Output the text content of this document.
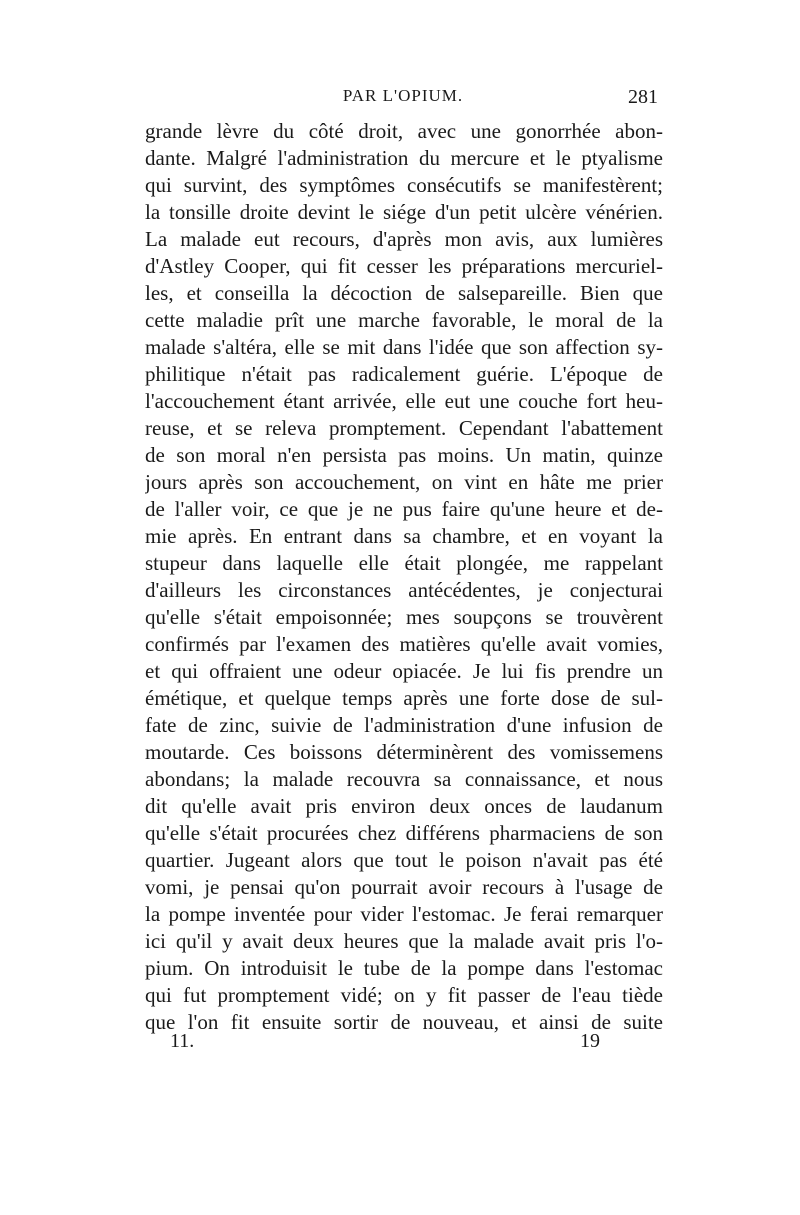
PAR L'OPIUM.	281
grande lèvre du côté droit, avec une gonorrhée abon-
dante. Malgré l'administration du mercure et le ptyalisme
qui survint, des symptômes consécutifs se manifestèrent;
la tonsille droite devint le siége d'un petit ulcère vénérien.
La malade eut recours, d'après mon avis, aux lumières
d'Astley Cooper, qui fit cesser les préparations mercuriel-
les, et conseilla la décoction de salsepareille. Bien que
cette maladie prît une marche favorable, le moral de la
malade s'altéra, elle se mit dans l'idée que son affection sy-
philitique n'était pas radicalement guérie. L'époque de
l'accouchement étant arrivée, elle eut une couche fort heu-
reuse, et se releva promptement. Cependant l'abattement
de son moral n'en persista pas moins. Un matin, quinze
jours après son accouchement, on vint en hâte me prier
de l'aller voir, ce que je ne pus faire qu'une heure et de-
mie après. En entrant dans sa chambre, et en voyant la
stupeur dans laquelle elle était plongée, me rappelant
d'ailleurs les circonstances antécédentes, je conjecturai
qu'elle s'était empoisonnée; mes soupçons se trouvèrent
confirmés par l'examen des matières qu'elle avait vomies,
et qui offraient une odeur opiacée. Je lui fis prendre un
émétique, et quelque temps après une forte dose de sul-
fate de zinc, suivie de l'administration d'une infusion de
moutarde. Ces boissons déterminèrent des vomissemens
abondans; la malade recouvra sa connaissance, et nous
dit qu'elle avait pris environ deux onces de laudanum
qu'elle s'était procurées chez différens pharmaciens de son
quartier. Jugeant alors que tout le poison n'avait pas été
vomi, je pensai qu'on pourrait avoir recours à l'usage de
la pompe inventée pour vider l'estomac. Je ferai remarquer
ici qu'il y avait deux heures que la malade avait pris l'o-
pium. On introduisit le tube de la pompe dans l'estomac
qui fut promptement vidé; on y fit passer de l'eau tiède
que l'on fit ensuite sortir de nouveau, et ainsi de suite
11.	19
